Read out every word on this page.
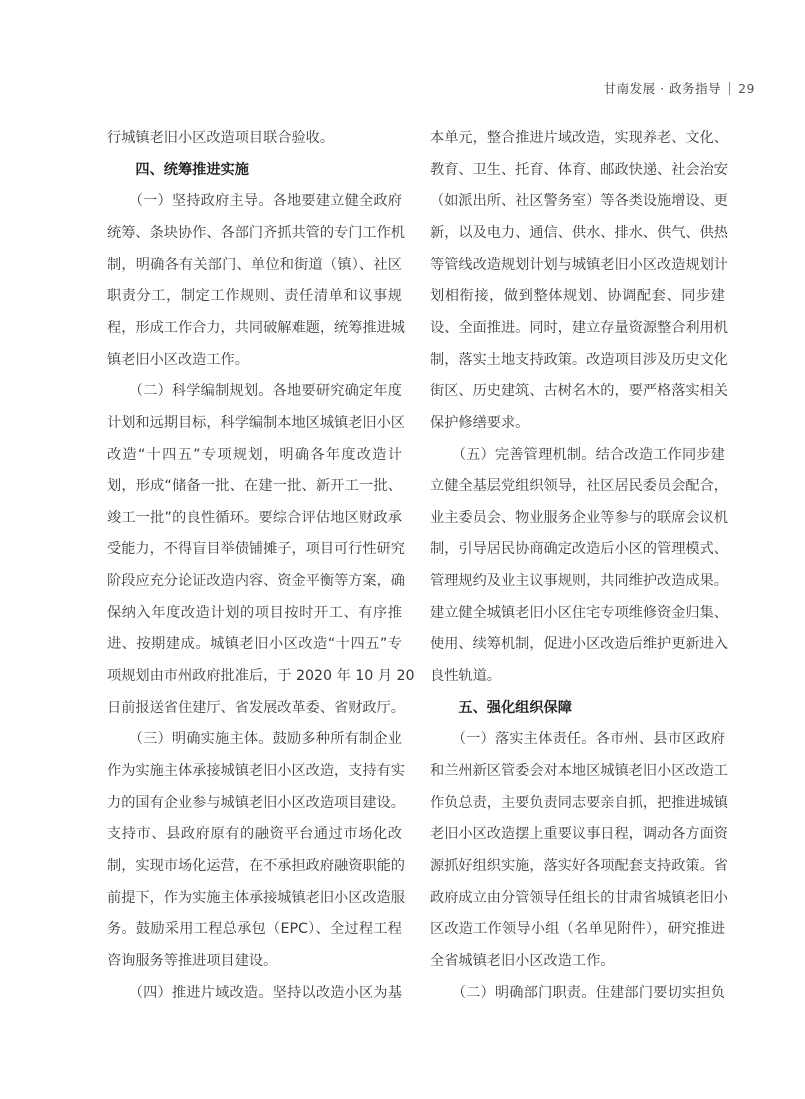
甘南发展 · 政务指导 29
行城镇老旧小区改造项目联合验收。
　　四、统筹推进实施
　　（一）坚持政府主导。各地要建立健全政府
统筹、条块协作、各部门齐抓共管的专门工作机
制，明确各有关部门、单位和街道（镇）、社区
职责分工，制定工作规则、责任清单和议事规
程，形成工作合力，共同破解难题，统筹推进城
镇老旧小区改造工作。
　　（二）科学编制规划。各地要研究确定年度
计划和远期目标，科学编制本地区城镇老旧小区
改造“十四五”专项规划，明确各年度改造计
划，形成“储备一批、在建一批、新开工一批、
竣工一批”的良性循环。要综合评估地区财政承
受能力，不得盲目举债铺摊子，项目可行性研究
阶段应充分论证改造内容、资金平衡等方案，确
保纳入年度改造计划的项目按时开工、有序推
进、按期建成。城镇老旧小区改造“十四五”专
项规划由市州政府批准后，于 2020 年 10 月 20
日前报送省住建厅、省发展改革委、省财政厅。
　　（三）明确实施主体。鼓励多种所有制企业
作为实施主体承接城镇老旧小区改造，支持有实
力的国有企业参与城镇老旧小区改造项目建设。
支持市、县政府原有的融资平台通过市场化改
制，实现市场化运营，在不承担政府融资职能的
前提下，作为实施主体承接城镇老旧小区改造服
务。鼓励采用工程总承包（EPC）、全过程工程
咨询服务等推进项目建设。
　　（四）推进片域改造。坚持以改造小区为基
本单元，整合推进片域改造，实现养老、文化、
教育、卫生、托育、体育、邮政快递、社会治安
（如派出所、社区警务室）等各类设施增设、更
新，以及电力、通信、供水、排水、供气、供热
等管线改造规划计划与城镇老旧小区改造规划计
划相衔接，做到整体规划、协调配套、同步建
设、全面推进。同时，建立存量资源整合利用机
制，落实土地支持政策。改造项目涉及历史文化
街区、历史建筑、古树名木的，要严格落实相关
保护修缮要求。
　　（五）完善管理机制。结合改造工作同步建
立健全基层党组织领导，社区居民委员会配合，
业主委员会、物业服务企业等参与的联席会议机
制，引导居民协商确定改造后小区的管理模式、
管理规约及业主议事规则，共同维护改造成果。
建立健全城镇老旧小区住宅专项维修资金归集、
使用、续筹机制，促进小区改造后维护更新进入
良性轨道。
　　五、强化组织保障
　　（一）落实主体责任。各市州、县市区政府
和兰州新区管委会对本地区城镇老旧小区改造工
作负总责，主要负责同志要亲自抓，把推进城镇
老旧小区改造摆上重要议事日程，调动各方面资
源抓好组织实施，落实好各项配套支持政策。省
政府成立由分管领导任组长的甘肃省城镇老旧小
区改造工作领导小组（名单见附件），研究推进
全省城镇老旧小区改造工作。
　　（二）明确部门职责。住建部门要切实担负
